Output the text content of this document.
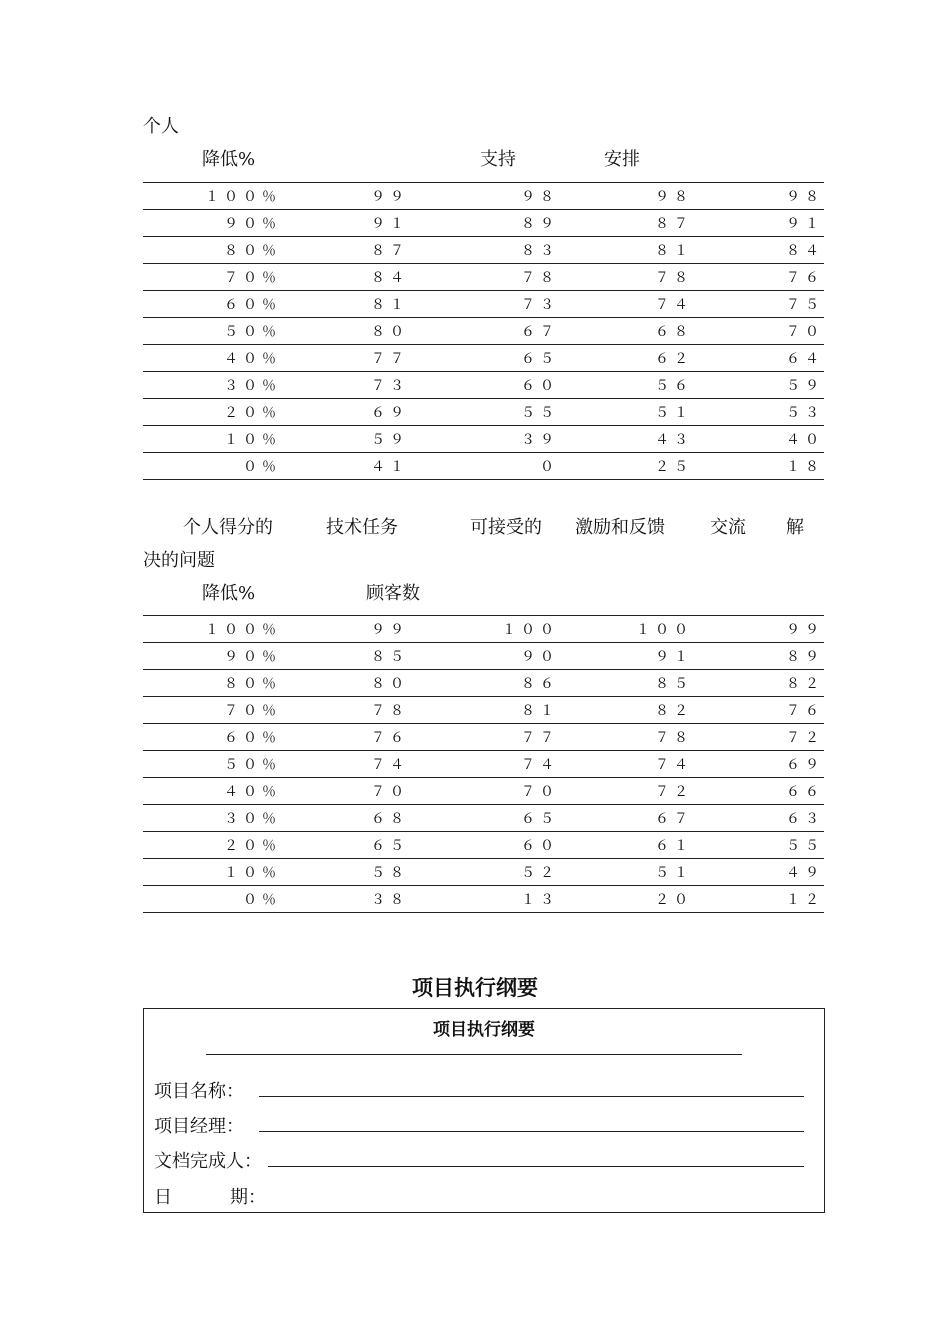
个人
降低%	支持	安排
１００％	９９	９８	９８	９８
９０％	９１	８９	８７	９１
８０％	８７	８３	８１	８４
７０％	８４	７８	７８	７６
６０％	８１	７３	７４	７５
５０％	８０	６７	６８	７０
４０％	７７	６５	６２	６４
３０％	７３	６０	５６	５９
２０％	６９	５５	５１	５３
１０％	５９	３９	４３	４０
０％	４１	０	２５	１８
个人得分的	技术任务	可接受的 激励和反馈	交流 解
决的问题
降低%	顾客数
１００％	９９	１００	１００	９９
９０％	８５	９０	９１	８９
８０％	８０	８６	８５	８２
７０％	７８	８１	８２	７６
６０％	７６	７７	７８	７２
５０％	７４	７４	７４	６９
４０％	７０	７０	７２	６６
３０％	６８	６５	６７	６３
２０％	６５	６０	６１	５５
１０％	５８	５２	５１	４９
０％	３８	１３	２０	１２
项目执行纲要
项目执行纲要
项目名称：
项目经理：
文档完成人：
日	期：
